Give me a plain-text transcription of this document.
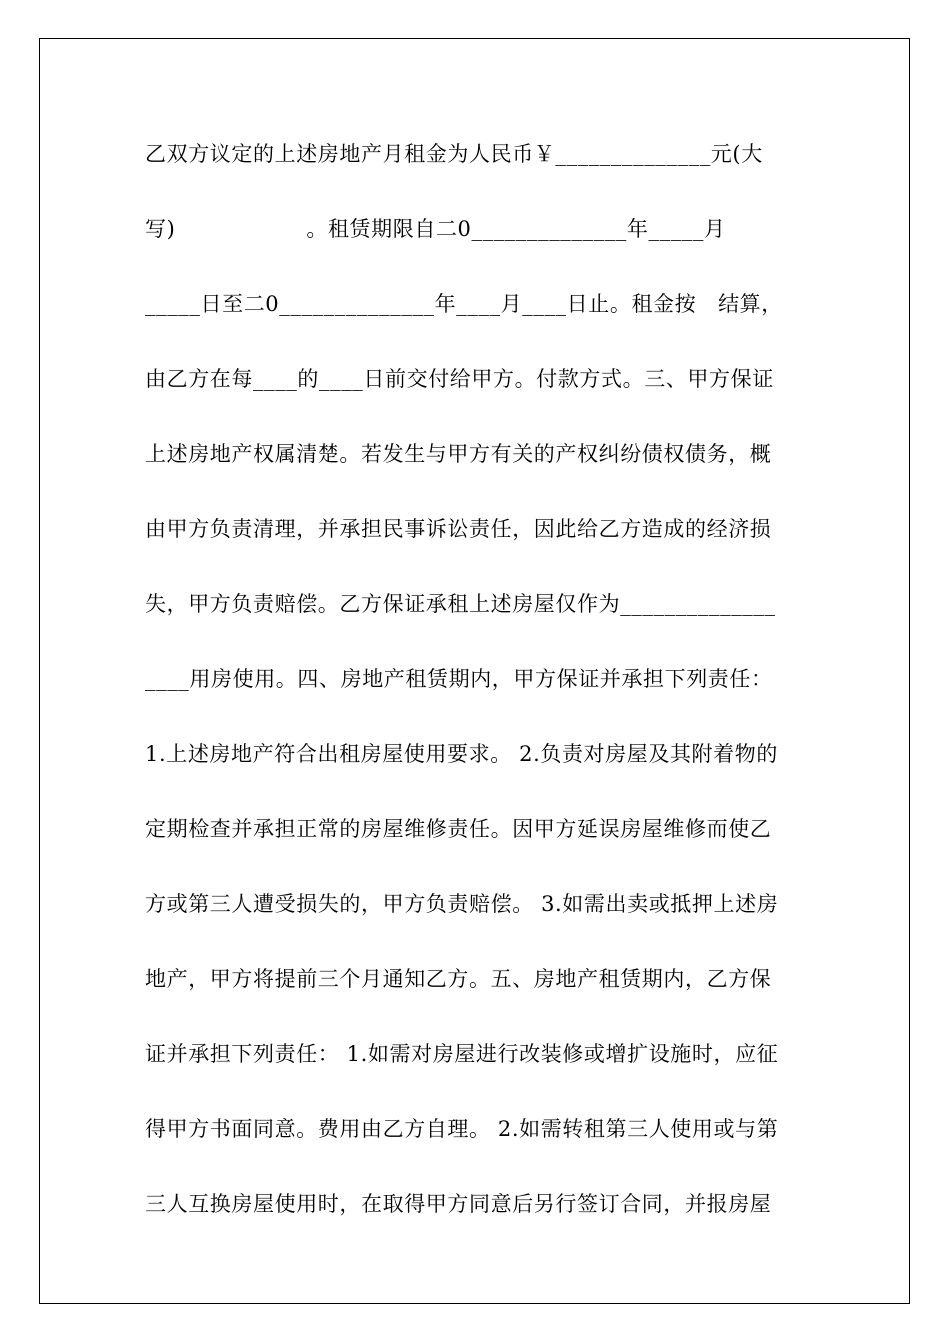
乙双方议定的上述房地产月租金为人民币￥______________元(大
写)                  。租赁期限自二0______________年_____月
_____日至二0______________年____月____日止。租金按   结算，
由乙方在每____的____日前交付给甲方。付款方式。三、甲方保证
上述房地产权属清楚。若发生与甲方有关的产权纠纷债权债务，概
由甲方负责清理，并承担民事诉讼责任，因此给乙方造成的经济损
失，甲方负责赔偿。乙方保证承租上述房屋仅作为______________
____用房使用。四、房地产租赁期内，甲方保证并承担下列责任：
1.上述房地产符合出租房屋使用要求。 2.负责对房屋及其附着物的
定期检查并承担正常的房屋维修责任。因甲方延误房屋维修而使乙
方或第三人遭受损失的，甲方负责赔偿。 3.如需出卖或抵押上述房
地产，甲方将提前三个月通知乙方。五、房地产租赁期内，乙方保
证并承担下列责任： 1.如需对房屋进行改装修或增扩设施时，应征
得甲方书面同意。费用由乙方自理。 2.如需转租第三人使用或与第
三人互换房屋使用时，在取得甲方同意后另行签订合同，并报房屋
